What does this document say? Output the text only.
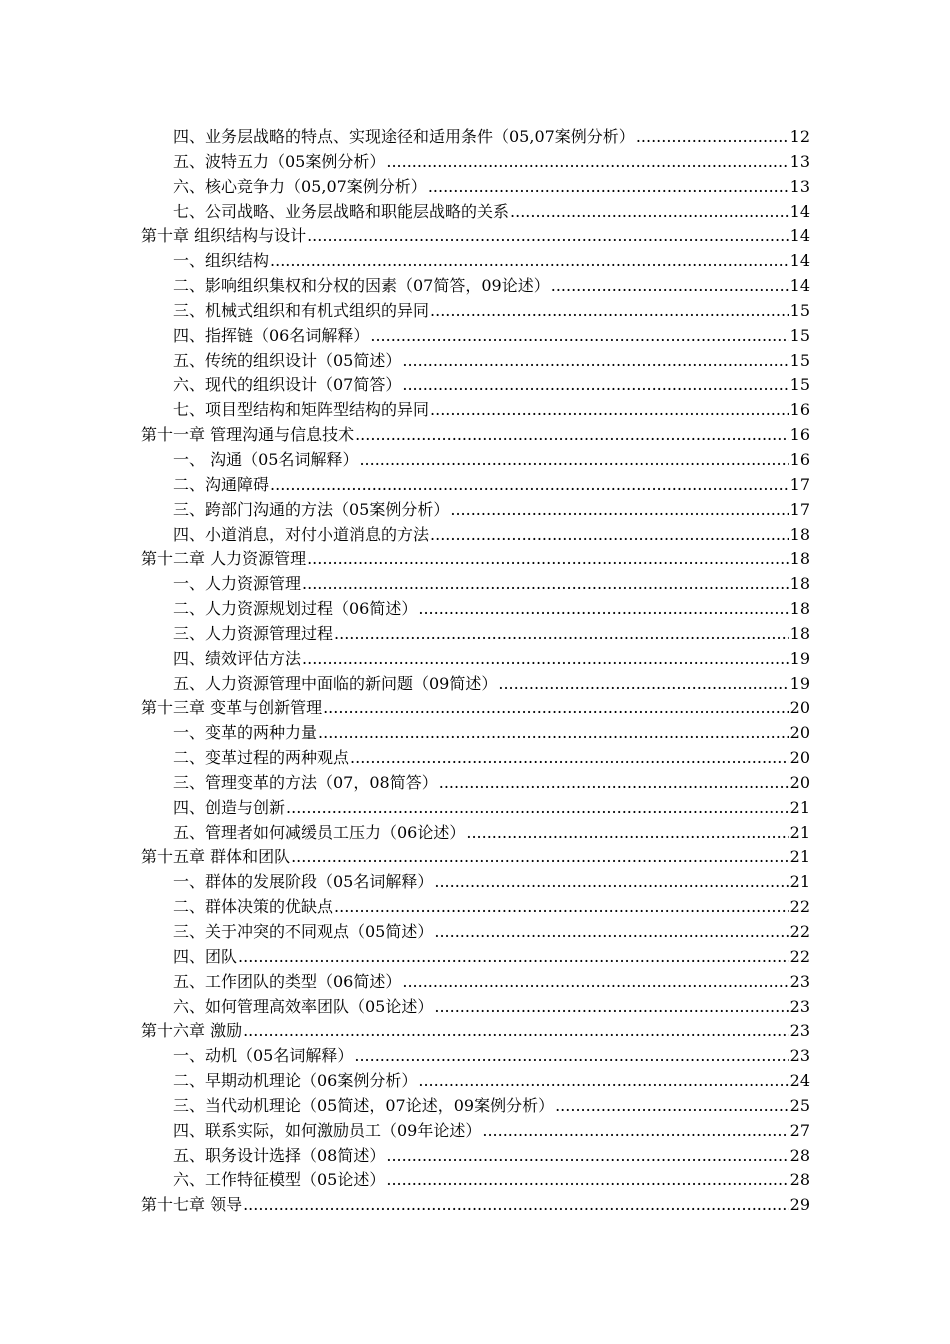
四、业务层战略的特点、实现途径和适用条件（05,07案例分析） .....	12
五、波特五力（05案例分析） .....	13
六、核心竞争力（05,07案例分析） .....	13
七、公司战略、业务层战略和职能层战略的关系 .....	14
第十章 组织结构与设计 .....	14
一、组织结构 .....	14
二、影响组织集权和分权的因素（07简答，09论述） .....	14
三、机械式组织和有机式组织的异同 .....	15
四、指挥链（06名词解释） .....	15
五、传统的组织设计（05简述） .....	15
六、现代的组织设计（07简答） .....	15
七、项目型结构和矩阵型结构的异同 .....	16
第十一章 管理沟通与信息技术 .....	16
一、 沟通（05名词解释） .....	16
二、沟通障碍 .....	17
三、跨部门沟通的方法（05案例分析） .....	17
四、小道消息，对付小道消息的方法 .....	18
第十二章 人力资源管理 .....	18
一、人力资源管理 .....	18
二、人力资源规划过程（06简述） .....	18
三、人力资源管理过程 .....	18
四、绩效评估方法 .....	19
五、人力资源管理中面临的新问题（09简述） .....	19
第十三章 变革与创新管理 .....	20
一、变革的两种力量 .....	20
二、变革过程的两种观点 .....	20
三、管理变革的方法（07，08简答） .....	20
四、创造与创新 .....	21
五、管理者如何减缓员工压力（06论述） .....	21
第十五章 群体和团队 .....	21
一、群体的发展阶段（05名词解释） .....	21
二、群体决策的优缺点 .....	22
三、关于冲突的不同观点（05简述） .....	22
四、团队 .....	22
五、工作团队的类型（06简述） .....	23
六、如何管理高效率团队（05论述） .....	23
第十六章 激励 .....	23
一、动机（05名词解释） .....	23
二、早期动机理论（06案例分析） .....	24
三、当代动机理论（05简述，07论述，09案例分析） .....	25
四、联系实际，如何激励员工（09年论述） .....	27
五、职务设计选择（08简述） .....	28
六、工作特征模型（05论述） .....	28
第十七章 领导 .....	29
